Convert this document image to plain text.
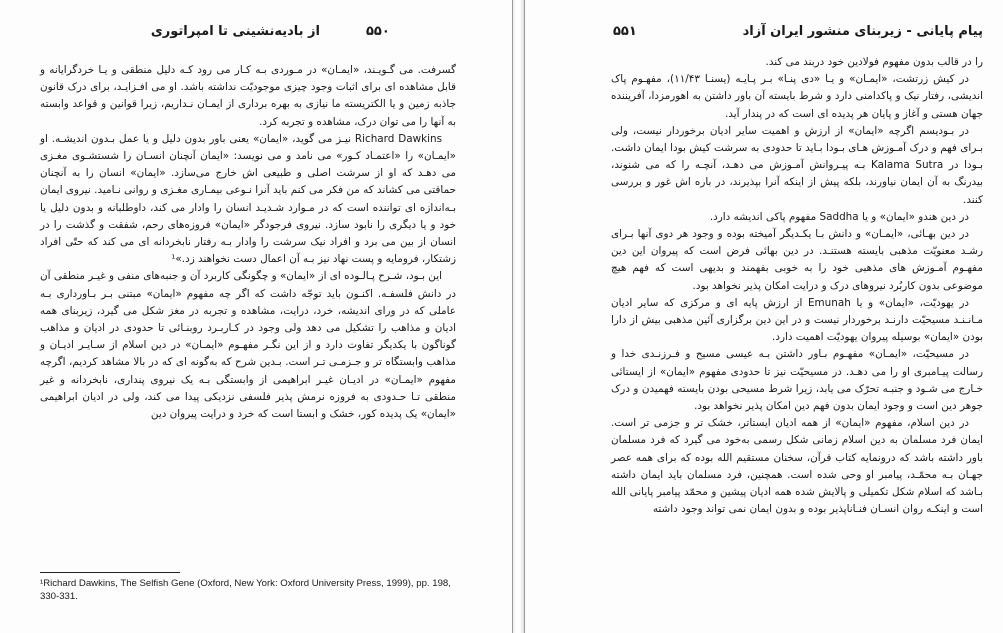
۵۵۰
از بادیه‌نشینی تا امپراتوری

گسرفت. می گـویـند، «ایمـان» در مـوردی بـه کـار می رود کـه دلیل منطقی و یـا خردگرایانه و قابل مشاهده ای برای اثبات وجود چیزی موجودیّت نداشته باشد. او می افـزایـد، برای درک قانون جاذبه زمین و یا الکتریسته ما نیازی به بهره برداری از ایمـان نـداریم، زیرا قوانین و قواعد وابسته به آنها را می توان درک، مشاهده و تجربه کرد.

Richard Dawkins نیـز می گوید، «ایمان» یعنی باور بدون دلیل و یا عمل بـدون اندیشـه. او «ایمـان» را «اعتمـاد کـور» می نامد و می نویسد: «ایمان آنچنان انسـان را شستشـوی مغـزی می دهـد که او از سرشت اصلی و طبیعی اش خارج می‌سازد. «ایمان» انسان را به آنچنان حماقتی می کشاند که من فکر می کنم باید آنرا نـوعی بیمـاری مغـزی و روانی نـامید. نیروی ایمان بـه‌اندازه ای تواننده است که در مـوارد شـدیـد انسان را وادار می کند، داوطلبانه و بدون دلیل یا خود و یا دیگری را نابود سازد. نیروی فرجودگر «ایمان» فروزه‌های رحم، شفقت و گذشت را در انسان از بین می برد و افراد نیک سرشت را وادار بـه رفتار نابخردانه ای می کند که حتّی افراد زشتکار، فرومایه و پست نهاد نیز بـه آن اعمال دست نخواهند زد.»¹

این بـود، شـرح پـالـوده ای از «ایمان» و چگونگی کاربرد آن و جنبه‌های منفی و غیـر منطقی آن در دانش فلسفـه. اکنـون باید توجّه داشت که اگر چه مفهوم «ایمان» مبتنی بـر بـاورداری بـه عاملی که در ورای اندیشه، خرد، درایت، مشاهده و تجربه در مغز شکل می گیرد، زیربنای همه ادیان و مذاهب را تشکیل می دهد ولی وجود در کـاربـرد روبنـائی تا حدودی در ادیان و مذاهب گوناگون با یکدیگر تفاوت دارد و از این نگـر مفهـوم «ایمـان» در دین اسلام از سـایـر ادیـان و مذاهب وابستگاه تر و جـزمـی تـر است. بـدین شرح که به‌گونه ای که در بالا مشاهد کردیم، اگرچه مفهوم «ایمـان» در ادیـان غیـر ابراهیمی از وابستگی بـه یک نیروی پنداری، نابخردانه و غیر منطقی تـا حـدودی به فروزه نرمش پذیر فلسفی نزدیکی پیدا می کند، ولی در ادیان ابراهیمی «ایمان» یک پدیده کور، خشک و ابستا است که خرد و درایت پیروان دین

¹Richard Dawkins, The Selfish Gene (Oxford, New York: Oxford University Press, 1999), pp. 198, 330-331.
۵۵۱	پیام پایانی - زیربنای منشور ایران آزاد

را در قالب بدون مفهوم فولادین خود دربند می کند.

در کیش زرتشت، «ایمـان» و یـا «دی پنـا» بـر پـایـه (یسنـا ۱۱/۴۳)، مفهـوم پاک اندیشی، رفتار نیک و پاکدامنی دارد و شرط بایسته آن باور داشتن به اهورمزدا، آفریننده جهان هستی و آغاز و پایان هر پدیده ای است که در پندار آید.

در بـودیسم اگرچه «ایمان» از ارزش و اهمیت سایر ادیان برخوردار نیست، ولی بـرای فهم و درک آمـوزش هـای بـودا بـاید تا حدودی به سرشت کیش بودا ایمان داشت. بـودا در Kalama Sutra بـه پیـروانش آمـوزش می دهـد، آنچـه را که می شنوند، بیدرنگ به آن ایمان نیاورند، بلکه پیش از اینکه آنرا بپذیرند، در باره اش غور و بررسی کنند.

در دین هندو «ایمان» و یا Saddha مفهوم پاکی اندیشه دارد.

در دین بهـائی، «ایمـان» و دانش بـا یکـدیگر آمیخته بوده و وجود هر دوی آنها بـرای رشـد معنویّت مذهبی بایسته هستنـد. در دین بهائی فرض است که پیروان این دین مفهـوم آمـوزش های مذهبی خود را به خوبی بفهمند و بدیهی است که فهم هیچ موضوعی بدون کاربُرد نیروهای درک و درایت امکان پذیر نخواهد بود.

در یهودیّت، «ایمان» و یا Emunah از ارزش پایه ای و مرکزی که سایر ادیان مـانـنـد مسیحیّت دارنـد برخوردار نیست و در این دین برگزاری آئین مذهبی بیش از دارا بودن «ایمان» بوسیله پیروان یهودیّت اهمیت دارد.

در مسیحیّت، «ایمـان» مفهـوم بـاور داشتن بـه عیسی مسیح و فـرزنـدی خدا و رسالت پیـامبری او را می دهـد. در مسیحیّت نیز تا حدودی مفهوم «ایمان» از ایستائی خـارج می شـود و جنبـه تحرّک می یابد، زیرا شرط مسیحی بودن بایسته فهمیدن و درک جوهر دین است و وجود ایمان بدون فهم دین امکان پذیر نخواهد بود.

در دین اسلام، مفهوم «ایمان» از همه ادیان ایستاتر، خشک تر و جزمی تر است. ایمان فرد مسلمان به دین اسلام زمانی شکل رسمی به‌خود می گیرد که فرد مسلمان باور داشته باشد که درونمایه کتاب قرآن، سخنان مستقیم الله بوده که برای همه عصر جهـان بـه محمّـد، پیامبر او وحی شده است. همچنین، فرد مسلمان باید ایمان داشته بـاشد که اسلام شکل تکمیلی و پالایش شده همه ادیان پیشین و محمّد پیامبر پایانی الله است و اینکـه روان انسـان فنـاناپذیر بوده و بدون ایمان نمی تواند وجود داشته
